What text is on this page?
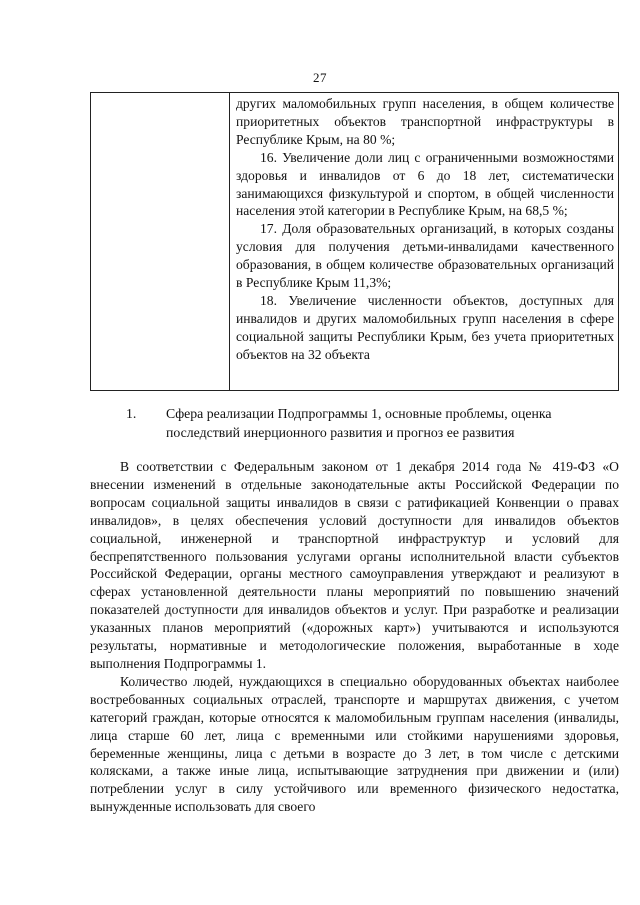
27

других маломобильных групп населения, в общем количестве приоритетных объектов транспортной инфраструктуры в Республике Крым, на 80 %;

16. Увеличение доли лиц с ограниченными возможностями здоровья и инвалидов от 6 до 18 лет, систематически занимающихся физкультурой и спортом, в общей численности населения этой категории в Республике Крым, на 68,5 %;

17. Доля образовательных организаций, в которых созданы условия для получения детьми-инвалидами качественного образования, в общем количестве образовательных организаций в Республике Крым 11,3%;

18. Увеличение численности объектов, доступных для инвалидов и других маломобильных групп населения в сфере социальной защиты Республики Крым, без учета приоритетных объектов на 32 объекта

1. Сфера реализации Подпрограммы 1, основные проблемы, оценка последствий инерционного развития и прогноз ее развития

В соответствии с Федеральным законом от 1 декабря 2014 года № 419-ФЗ «О внесении изменений в отдельные законодательные акты Российской Федерации по вопросам социальной защиты инвалидов в связи с ратификацией Конвенции о правах инвалидов», в целях обеспечения условий доступности для инвалидов объектов социальной, инженерной и транспортной инфраструктур и условий для беспрепятственного пользования услугами органы исполнительной власти субъектов Российской Федерации, органы местного самоуправления утверждают и реализуют в сферах установленной деятельности планы мероприятий по повышению значений показателей доступности для инвалидов объектов и услуг. При разработке и реализации указанных планов мероприятий («дорожных карт») учитываются и используются результаты, нормативные и методологические положения, выработанные в ходе выполнения Подпрограммы 1.

Количество людей, нуждающихся в специально оборудованных объектах наиболее востребованных социальных отраслей, транспорте и маршрутах движения, с учетом категорий граждан, которые относятся к маломобильным группам населения (инвалиды, лица старше 60 лет, лица с временными или стойкими нарушениями здоровья, беременные женщины, лица с детьми в возрасте до 3 лет, в том числе с детскими колясками, а также иные лица, испытывающие затруднения при движении и (или) потреблении услуг в силу устойчивого или временного физического недостатка, вынужденные использовать для своего
